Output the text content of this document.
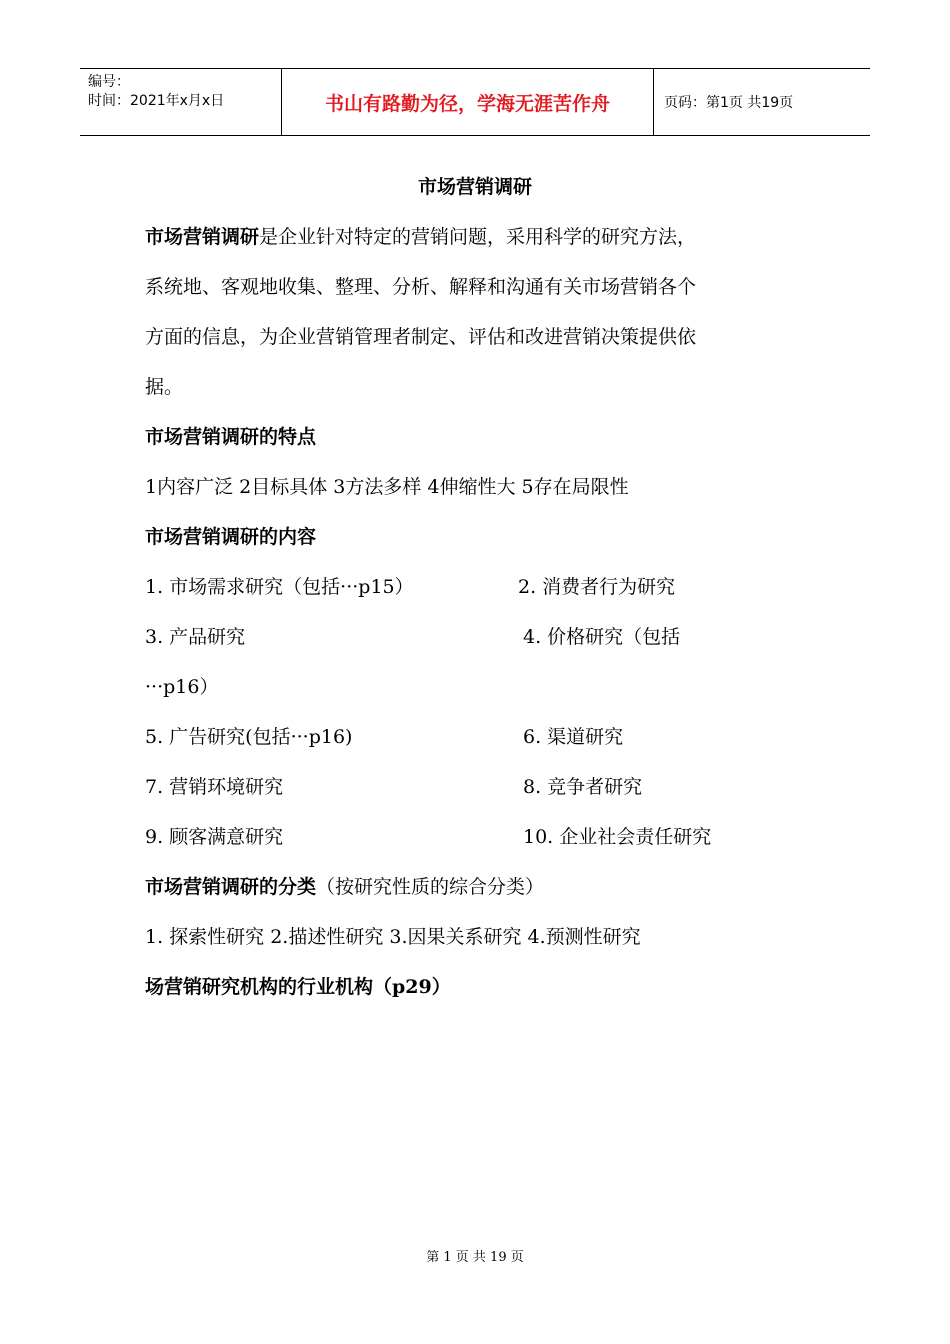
编号：
时间：2021年x月x日	书山有路勤为径，学海无涯苦作舟	页码：第1页 共19页
市场营销调研
市场营销调研是企业针对特定的营销问题，采用科学的研究方法，
系统地、客观地收集、整理、分析、解释和沟通有关市场营销各个
方面的信息，为企业营销管理者制定、评估和改进营销决策提供依
据。
市场营销调研的特点
1内容广泛 2目标具体 3方法多样 4伸缩性大 5存在局限性
市场营销调研的内容
1. 市场需求研究（包括···p15）	2. 消费者行为研究
3. 产品研究	4. 价格研究（包括
···p16）
5. 广告研究(包括···p16)	6. 渠道研究
7. 营销环境研究	8. 竞争者研究
9. 顾客满意研究	10. 企业社会责任研究
市场营销调研的分类（按研究性质的综合分类）
1. 探索性研究 2.描述性研究 3.因果关系研究 4.预测性研究
场营销研究机构的行业机构（p29）
第 1 页 共 19 页
